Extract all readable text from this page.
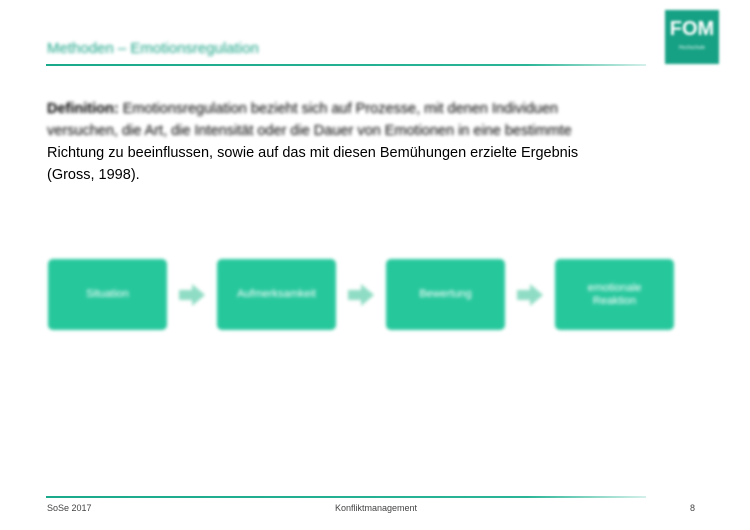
Methoden – Emotionsregulation
FOM
Hochschule
Definition: Emotionsregulation bezieht sich auf Prozesse, mit denen Individuen
versuchen, die Art, die Intensität oder die Dauer von Emotionen in eine bestimmte
Richtung zu beeinflussen, sowie auf das mit diesen Bemühungen erzielte Ergebnis
(Gross, 1998).
Situation	Aufmerksamkeit	Bewertung
emotionale
Reaktion
SoSe 2017	Konfliktmanagement	8
